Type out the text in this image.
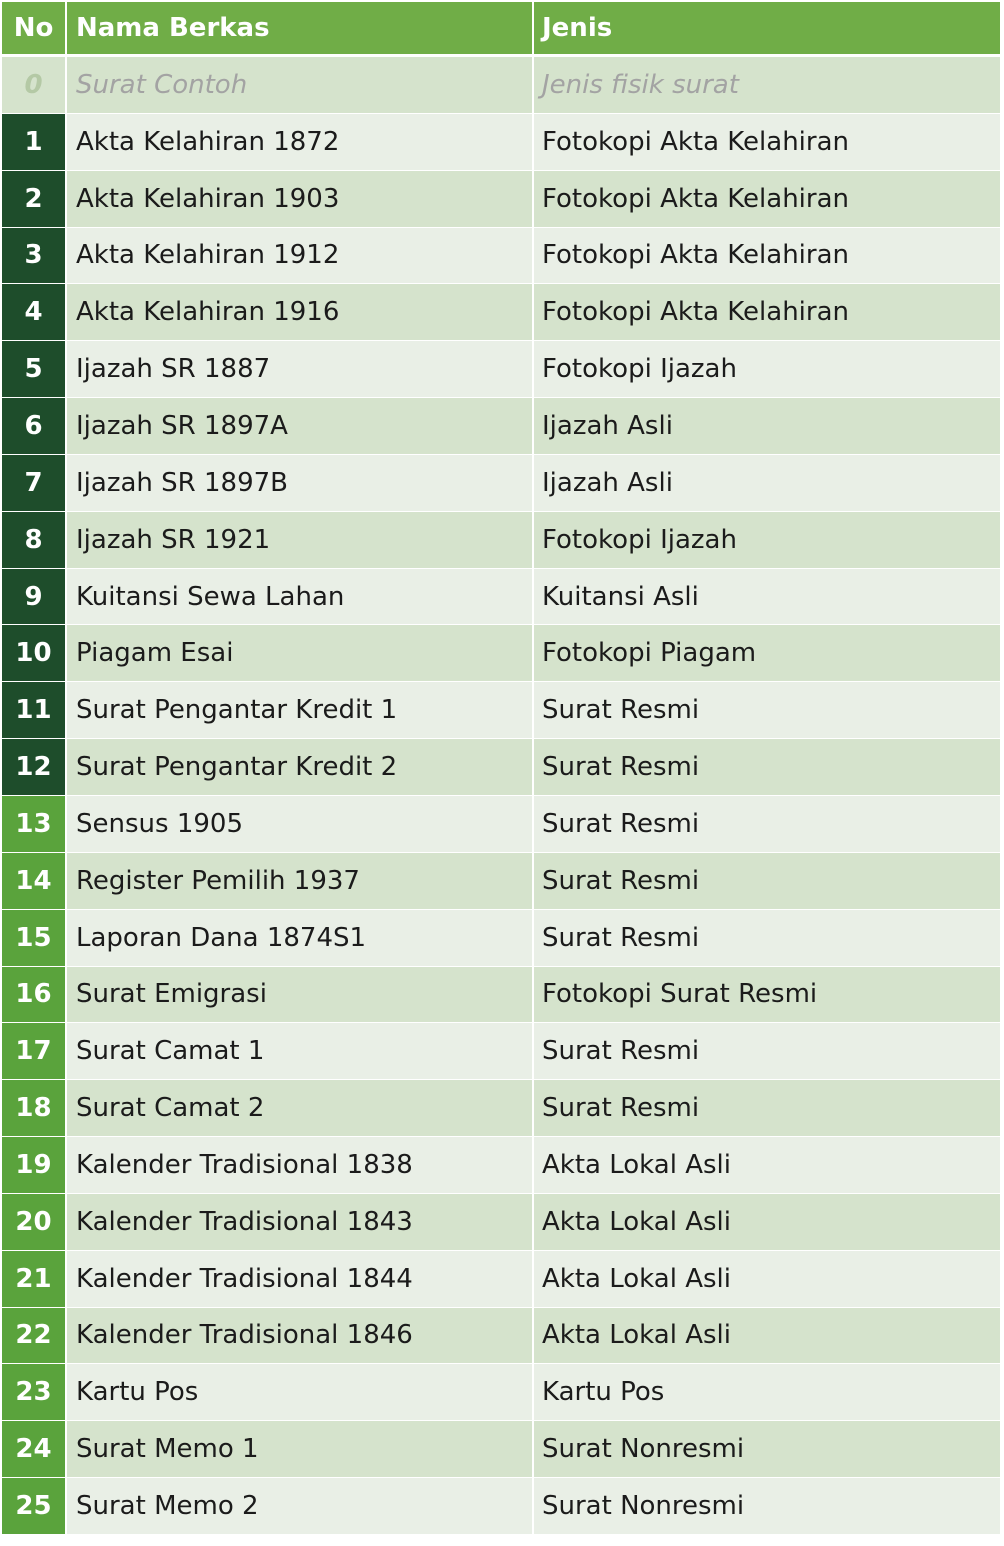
No Nama Berkas	Jenis
0	Surat Contoh	Jenis fisik surat
1	Akta Kelahiran 1872	Fotokopi Akta Kelahiran
2	Akta Kelahiran 1903	Fotokopi Akta Kelahiran
3	Akta Kelahiran 1912	Fotokopi Akta Kelahiran
4	Akta Kelahiran 1916	Fotokopi Akta Kelahiran
5	Ijazah SR 1887	Fotokopi Ijazah
6	Ijazah SR 1897A	Ijazah Asli
7	Ijazah SR 1897B	Ijazah Asli
8	Ijazah SR 1921	Fotokopi Ijazah
9	Kuitansi Sewa Lahan	Kuitansi Asli
10 Piagam Esai	Fotokopi Piagam
11 Surat Pengantar Kredit 1	Surat Resmi
12 Surat Pengantar Kredit 2	Surat Resmi
13 Sensus 1905	Surat Resmi
14 Register Pemilih 1937	Surat Resmi
15 Laporan Dana 1874S1	Surat Resmi
16 Surat Emigrasi	Fotokopi Surat Resmi
17 Surat Camat 1	Surat Resmi
18 Surat Camat 2	Surat Resmi
19 Kalender Tradisional 1838	Akta Lokal Asli
20 Kalender Tradisional 1843	Akta Lokal Asli
21 Kalender Tradisional 1844	Akta Lokal Asli
22 Kalender Tradisional 1846	Akta Lokal Asli
23 Kartu Pos	Kartu Pos
24 Surat Memo 1	Surat Nonresmi
25 Surat Memo 2	Surat Nonresmi
